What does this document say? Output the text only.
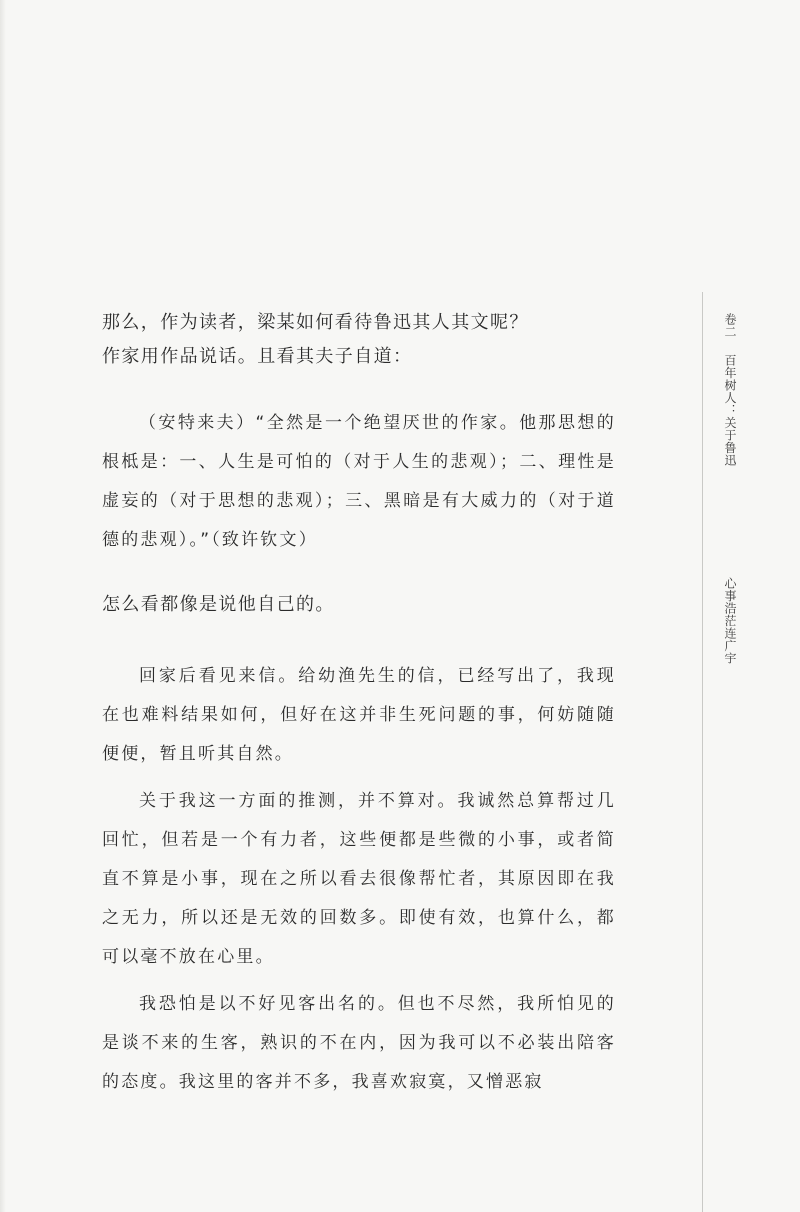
那么，作为读者，梁某如何看待鲁迅其人其文呢？

作家用作品说话。且看其夫子自道：

（安特来夫）“全然是一个绝望厌世的作家。他那思想的根柢是：一、人生是可怕的（对于人生的悲观）；二、理性是虚妄的（对于思想的悲观）；三、黑暗是有大威力的（对于道德的悲观）。”（致许钦文）

怎么看都像是说他自己的。

回家后看见来信。给幼渔先生的信，已经写出了，我现在也难料结果如何，但好在这并非生死问题的事，何妨随随便便，暂且听其自然。

关于我这一方面的推测，并不算对。我诚然总算帮过几回忙，但若是一个有力者，这些便都是些微的小事，或者简直不算是小事，现在之所以看去很像帮忙者，其原因即在我之无力，所以还是无效的回数多。即使有效，也算什么，都可以毫不放在心里。

我恐怕是以不好见客出名的。但也不尽然，我所怕见的是谈不来的生客，熟识的不在内，因为我可以不必装出陪客的态度。我这里的客并不多，我喜欢寂寞，又憎恶寂

卷二
百年树人：关于鲁迅
心事浩茫连广宇
